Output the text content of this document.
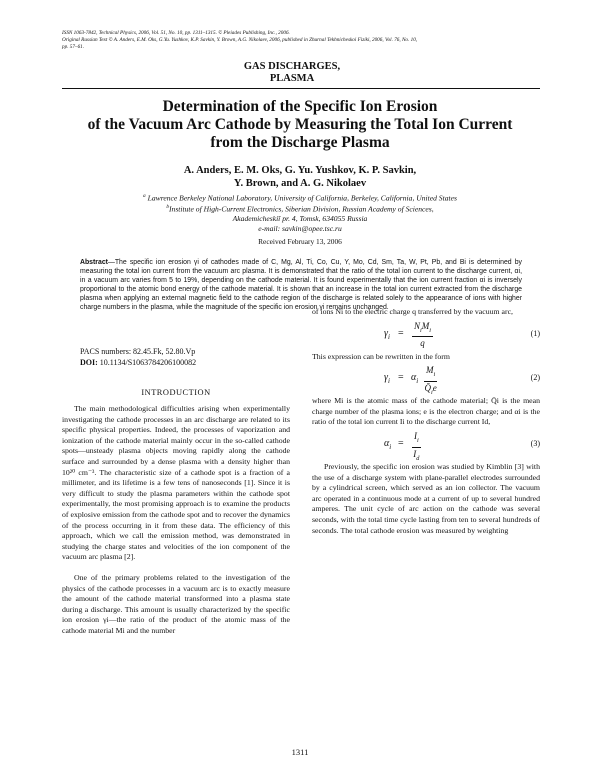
ISSN 1063-7842, Technical Physics, 2006, Vol. 51, No. 10, pp. 1311–1315. © Pleiades Publishing, Inc., 2006.
Original Russian Text © A. Anders, E.M. Oks, G.Yu. Yushkov, K.P. Savkin, Y. Brown, A.G. Nikolaev, 2006, published in Zhurnal Tekhnicheskoi Fiziki, 2006, Vol. 76, No. 10,
pp. 57–61.
GAS DISCHARGES,
PLASMA
Determination of the Specific Ion Erosion
of the Vacuum Arc Cathode by Measuring the Total Ion Current
from the Discharge Plasma
A. Anders, E. M. Oks, G. Yu. Yushkov, K. P. Savkin,
Y. Brown, and A. G. Nikolaev
$^a$ Lawrence Berkeley National Laboratory, University of California, Berkeley, California, United States
$^b$Institute of High-Current Electronics, Siberian Division, Russian Academy of Sciences,
Akademicheskiĭ pr. 4, Tomsk, 634055 Russia
e-mail: savkin@opee.tsc.ru
Received February 13, 2006
Abstract—The specific ion erosion γi of cathodes made of C, Mg, Al, Ti, Co, Cu, Y, Mo, Cd, Sm, Ta, W, Pt, Pb, and Bi is determined by measuring the total ion current from the vacuum arc plasma. It is demonstrated that the ratio of the total ion current to the discharge current, αi, in a vacuum arc varies from 5 to 19%, depending on the cathode material. It is found experimentally that the ion current fraction αi is inversely proportional to the atomic bond energy of the cathode material. It is shown that an increase in the total ion current extracted from the discharge plasma when applying an external magnetic field to the cathode region of the discharge is related solely to the appearance of ions with higher charge numbers in the plasma, while the magnitude of the specific ion erosion γi remains unchanged.
PACS numbers: 82.45.Fk, 52.80.Vp
DOI: 10.1134/S1063784206100082
INTRODUCTION

The main methodological difficulties arising when experimentally investigating the cathode processes in an arc discharge are related to its specific physical properties. Indeed, the processes of vaporization and ionization of the cathode material mainly occur in the so-called cathode spots—unsteady plasma objects moving rapidly along the cathode surface and surrounded by a dense plasma with a density higher than 10²⁰ cm⁻³. The characteristic size of a cathode spot is a fraction of a millimeter, and its lifetime is a few tens of nanoseconds [1]. Since it is very difficult to study the plasma parameters within the cathode spot experimentally, the most promising approach is to examine the products of explosive emission from the cathode spot and to recover the dynamics of the process occurring in it from these data. The efficiency of this approach, which we call the emission method, was demonstrated in studying the charge states and velocities of the ion component of the vacuum arc plasma [2].

One of the primary problems related to the investigation of the physics of the cathode processes in a vacuum arc is to exactly measure the amount of the cathode material transformed into a plasma state during a discharge. This amount is usually characterized by the specific ion erosion γi—the ratio of the product of the atomic mass of the cathode material Mi and the number

of ions Ni to the electric charge q transferred by the vacuum arc,

$\gamma_i$ =
$N_iM_i$
q
(1)

This expression can be rewritten in the form

$\gamma_i = \alpha_i \frac{M_i}{Q̄_ie}$	(2)

where Mi is the atomic mass of the cathode material; Q̄i is the mean charge number of the plasma ions; e is the electron charge; and αi is the ratio of the total ion current Ii to the discharge current Id,

$\alpha_i = \frac{I_i}{I_d}$	(3)

Previously, the specific ion erosion was studied by Kimblin [3] with the use of a discharge system with plane-parallel electrodes surrounded by a cylindrical screen, which served as an ion collector. The vacuum arc operated in a continuous mode at a current of up to several hundred amperes. The unit cycle of arc action on the cathode was several seconds, with the total time cycle lasting from ten to several hundreds of seconds. The total cathode erosion was measured by weighting

1311
